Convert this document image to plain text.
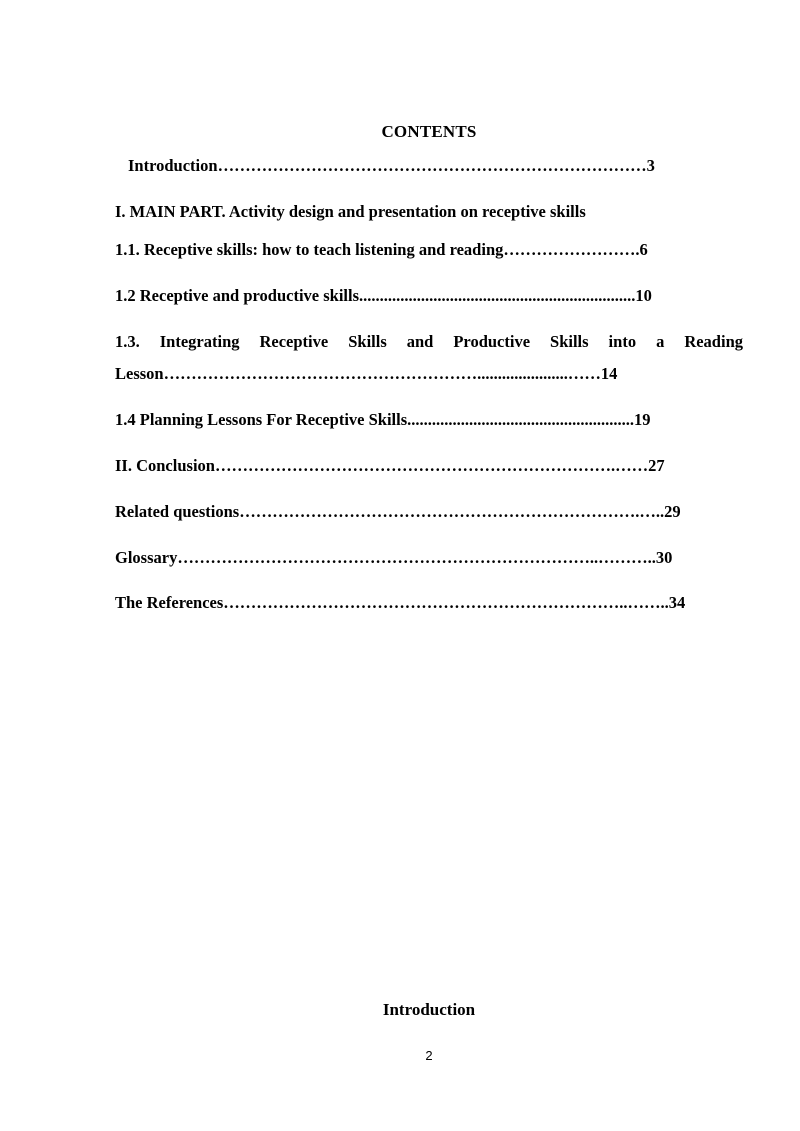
CONTENTS
Introduction……………………………………………………………………3
I. MAIN PART. Activity design and presentation on receptive skills
1.1. Receptive skills: how to teach listening and reading…………………….6
1.2 Receptive and productive skills...................................................................10
1.3. Integrating Receptive Skills and Productive Skills into a Reading
Lesson…………………………………………………......................……14
1.4 Planning Lessons For Receptive Skills.......................................................19
II. Conclusion……………………………………………………………….……27
Related questions……………………………………………………………….…..29
Glossary…………………………………………………………………..………..30
The References………………………………………………………………..……..34
Introduction
2
